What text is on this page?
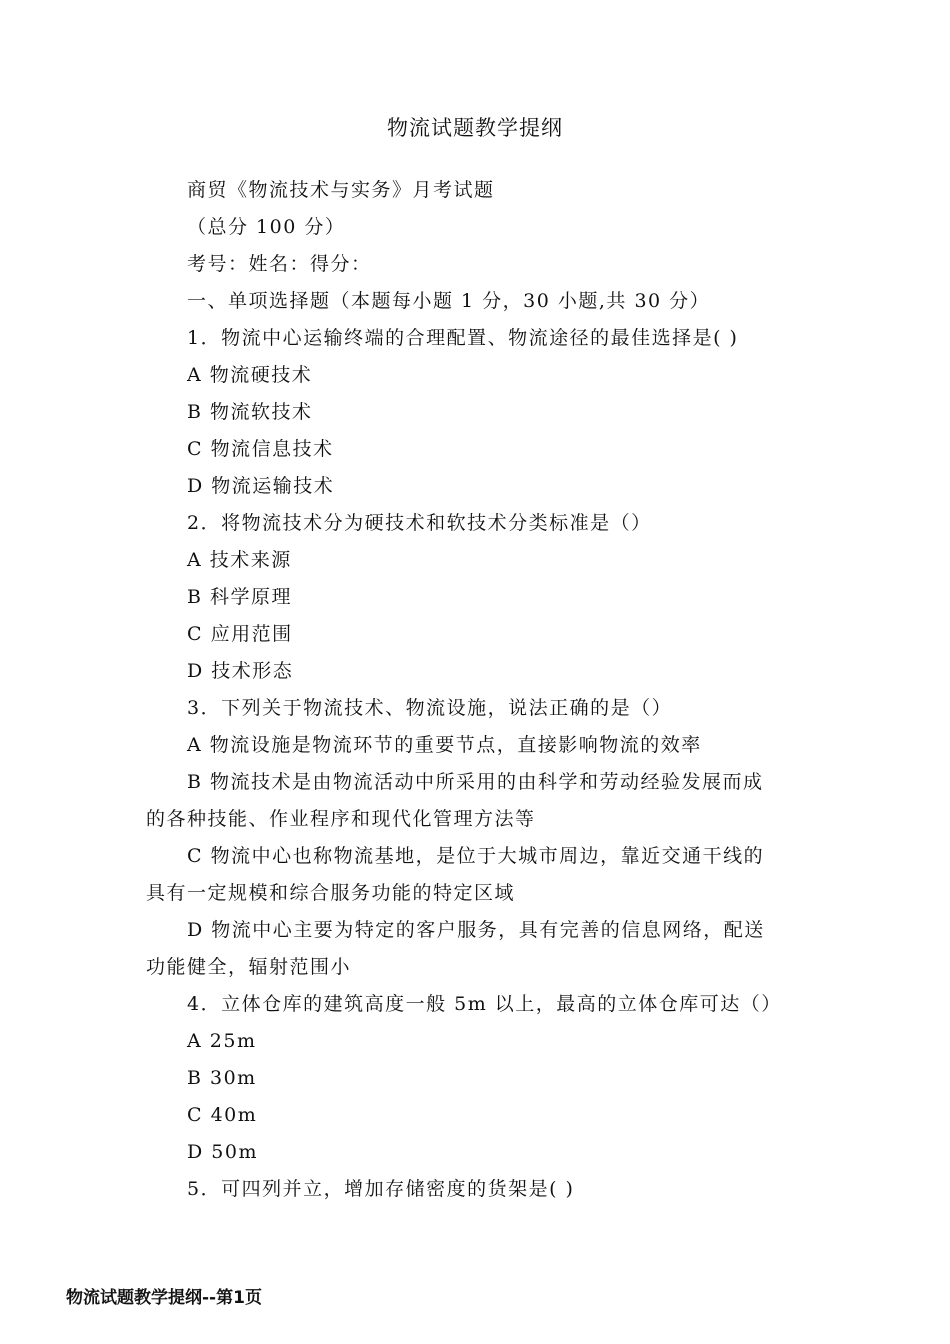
物流试题教学提纲

商贸《物流技术与实务》月考试题

（总分 100 分）

考号：姓名：得分：

一、单项选择题（本题每小题 1 分，30 小题,共 30 分）

1．物流中心运输终端的合理配置、物流途径的最佳选择是( )

A 物流硬技术

B 物流软技术

C 物流信息技术

D 物流运输技术

2．将物流技术分为硬技术和软技术分类标准是（）

A 技术来源

B 科学原理

C 应用范围

D 技术形态

3．下列关于物流技术、物流设施，说法正确的是（）

A 物流设施是物流环节的重要节点，直接影响物流的效率

B 物流技术是由物流活动中所采用的由科学和劳动经验发展而成

的各种技能、作业程序和现代化管理方法等

C 物流中心也称物流基地，是位于大城市周边，靠近交通干线的

具有一定规模和综合服务功能的特定区域

D 物流中心主要为特定的客户服务，具有完善的信息网络，配送

功能健全，辐射范围小

4．立体仓库的建筑高度一般 5m 以上，最高的立体仓库可达（）

A 25m

B 30m

C 40m

D 50m

5．可四列并立，增加存储密度的货架是( )

物流试题教学提纲--第1页
